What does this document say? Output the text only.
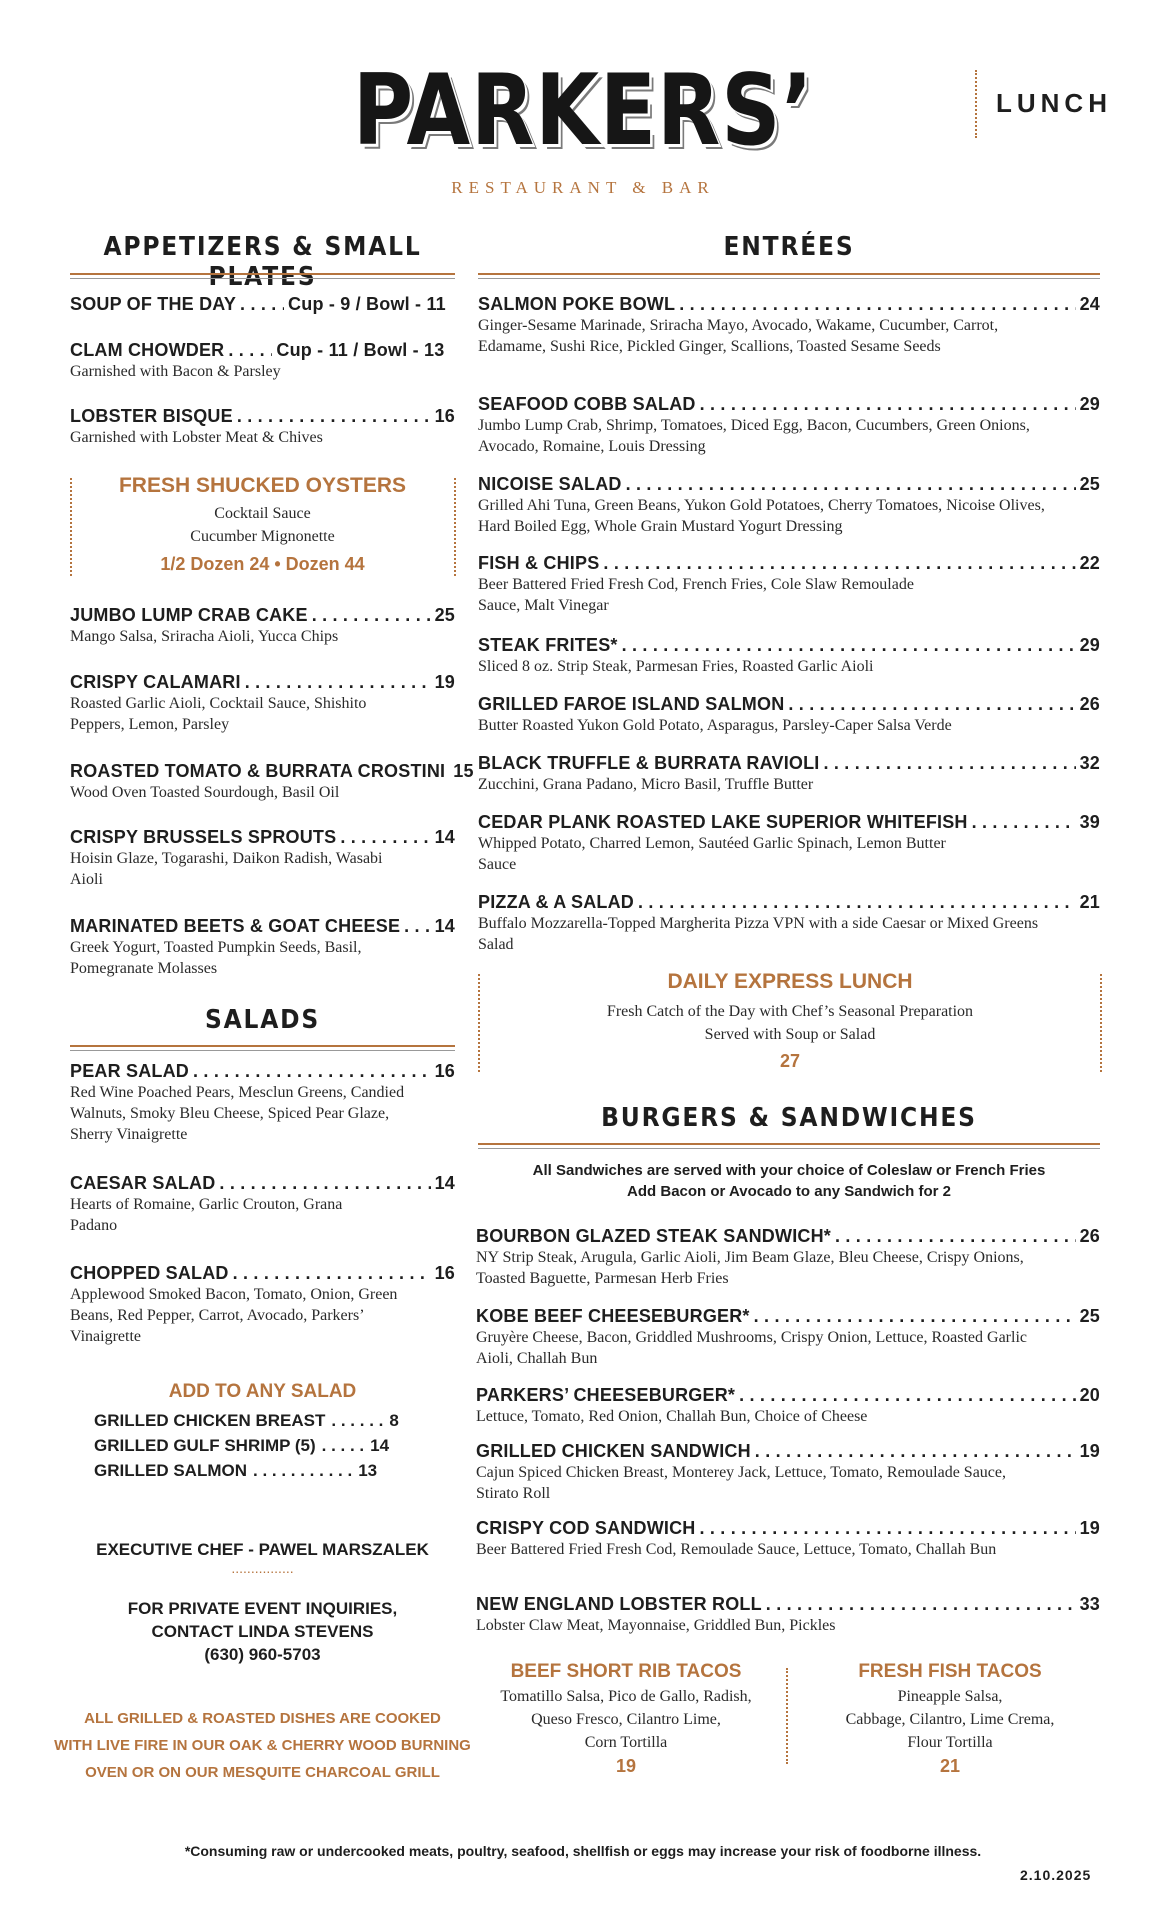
PARKERS’
RESTAURANT & BAR
LUNCH
APPETIZERS & SMALL PLATES
SOUP OF THE DAY . . .	Cup - 9 / Bowl - 11
CLAM CHOWDER . . .	Cup - 11 / Bowl - 13
Garnished with Bacon & Parsley
LOBSTER BISQUE . . .	16
Garnished with Lobster Meat & Chives
FRESH SHUCKED OYSTERS
Cocktail Sauce
Cucumber Mignonette
1/2 Dozen 24 • Dozen 44
JUMBO LUMP CRAB CAKE . . .	25
Mango Salsa, Sriracha Aioli, Yucca Chips
CRISPY CALAMARI . . .	19
Roasted Garlic Aioli, Cocktail Sauce, Shishito Peppers, Lemon, Parsley
ROASTED TOMATO & BURRATA CROSTINI 15
Wood Oven Toasted Sourdough, Basil Oil
CRISPY BRUSSELS SPROUTS . . .	14
Hoisin Glaze, Togarashi, Daikon Radish, Wasabi Aioli
MARINATED BEETS & GOAT CHEESE . . . 14
Greek Yogurt, Toasted Pumpkin Seeds, Basil, Pomegranate Molasses
SALADS
PEAR SALAD . . .	16
Red Wine Poached Pears, Mesclun Greens, Candied Walnuts, Smoky Bleu Cheese, Spiced Pear Glaze, Sherry Vinaigrette
CAESAR SALAD . . .	14
Hearts of Romaine, Garlic Crouton, Grana Padano
CHOPPED SALAD . . .	16
Applewood Smoked Bacon, Tomato, Onion, Green Beans, Red Pepper, Carrot, Avocado, Parkers’ Vinaigrette
ADD TO ANY SALAD
GRILLED CHICKEN BREAST . . . . . . 8
GRILLED GULF SHRIMP (5) . . . . . 14
GRILLED SALMON . . . . . . . . . . . 13
EXECUTIVE CHEF - PAWEL MARSZALEK
................
FOR PRIVATE EVENT INQUIRIES,
CONTACT LINDA STEVENS
(630) 960-5703
ALL GRILLED & ROASTED DISHES ARE COOKED
WITH LIVE FIRE IN OUR OAK & CHERRY WOOD BURNING
OVEN OR ON OUR MESQUITE CHARCOAL GRILL
ENTRÉES
SALMON POKE BOWL . . .	24
Ginger-Sesame Marinade, Sriracha Mayo, Avocado, Wakame, Cucumber, Carrot, Edamame, Sushi Rice, Pickled Ginger, Scallions, Toasted Sesame Seeds
SEAFOOD COBB SALAD . . .	29
Jumbo Lump Crab, Shrimp, Tomatoes, Diced Egg, Bacon, Cucumbers, Green Onions, Avocado, Romaine, Louis Dressing
NICOISE SALAD . . .	25
Grilled Ahi Tuna, Green Beans, Yukon Gold Potatoes, Cherry Tomatoes, Nicoise Olives, Hard Boiled Egg, Whole Grain Mustard Yogurt Dressing
FISH & CHIPS . . .	22
Beer Battered Fried Fresh Cod, French Fries, Cole Slaw Remoulade Sauce, Malt Vinegar
STEAK FRITES* . . .	29
Sliced 8 oz. Strip Steak, Parmesan Fries, Roasted Garlic Aioli
GRILLED FAROE ISLAND SALMON . . .	26
Butter Roasted Yukon Gold Potato, Asparagus, Parsley-Caper Salsa Verde
BLACK TRUFFLE & BURRATA RAVIOLI . . .	32
Zucchini, Grana Padano, Micro Basil, Truffle Butter
CEDAR PLANK ROASTED LAKE SUPERIOR WHITEFISH . . .	39
Whipped Potato, Charred Lemon, Sautéed Garlic Spinach, Lemon Butter Sauce
PIZZA & A SALAD . . .	21
Buffalo Mozzarella-Topped Margherita Pizza VPN with a side Caesar or Mixed Greens Salad
DAILY EXPRESS LUNCH
Fresh Catch of the Day with Chef’s Seasonal Preparation
Served with Soup or Salad
27
BURGERS & SANDWICHES
All Sandwiches are served with your choice of Coleslaw or French Fries
Add Bacon or Avocado to any Sandwich for 2
BOURBON GLAZED STEAK SANDWICH* . . .	26
NY Strip Steak, Arugula, Garlic Aioli, Jim Beam Glaze, Bleu Cheese, Crispy Onions, Toasted Baguette, Parmesan Herb Fries
KOBE BEEF CHEESEBURGER* . . .	25
Gruyère Cheese, Bacon, Griddled Mushrooms, Crispy Onion, Lettuce, Roasted Garlic Aioli, Challah Bun
PARKERS’ CHEESEBURGER* . . .	20
Lettuce, Tomato, Red Onion, Challah Bun, Choice of Cheese
GRILLED CHICKEN SANDWICH . . .	19
Cajun Spiced Chicken Breast, Monterey Jack, Lettuce, Tomato, Remoulade Sauce, Stirato Roll
CRISPY COD SANDWICH . . .	19
Beer Battered Fried Fresh Cod, Remoulade Sauce, Lettuce, Tomato, Challah Bun
NEW ENGLAND LOBSTER ROLL . . .	33
Lobster Claw Meat, Mayonnaise, Griddled Bun, Pickles
BEEF SHORT RIB TACOS
Tomatillo Salsa, Pico de Gallo, Radish,
Queso Fresco, Cilantro Lime,
Corn Tortilla
19
FRESH FISH TACOS
Pineapple Salsa,
Cabbage, Cilantro, Lime Crema,
Flour Tortilla
21
*Consuming raw or undercooked meats, poultry, seafood, shellfish or eggs may increase your risk of foodborne illness.
2.10.2025
